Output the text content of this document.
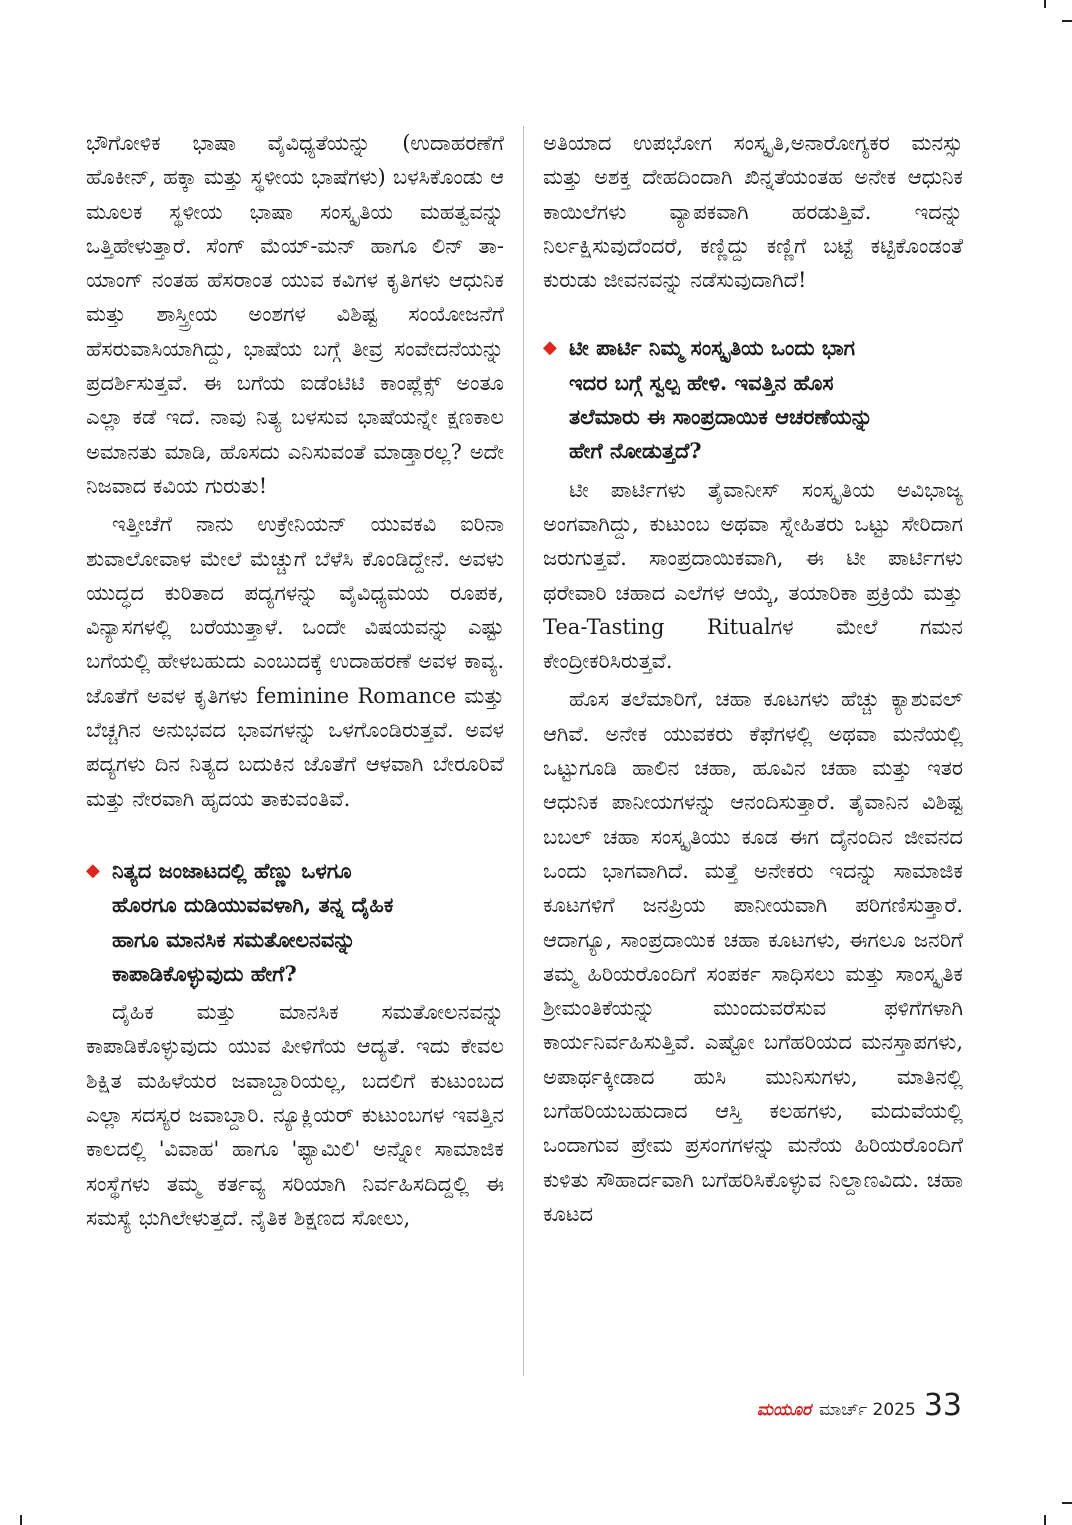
ಭೌಗೋಳಿಕ ಭಾಷಾ ವೈವಿಧ್ಯತೆಯನ್ನು (ಉದಾಹರಣೆಗೆ ಹೊಕೀನ್, ಹಕ್ಕಾ ಮತ್ತು ಸ್ಥಳೀಯ ಭಾಷೆಗಳು) ಬಳಸಿಕೊಂಡು ಆ ಮೂಲಕ ಸ್ಥಳೀಯ ಭಾಷಾ ಸಂಸ್ಕೃತಿಯ ಮಹತ್ವವನ್ನು ಒತ್ತಿಹೇಳುತ್ತಾರೆ. ಸೆಂಗ್ ಮೆಯ್-ಮನ್ ಹಾಗೂ ಲಿನ್ ತಾ-ಯಾಂಗ್ ನಂತಹ ಹೆಸರಾಂತ ಯುವ ಕವಿಗಳ ಕೃತಿಗಳು ಆಧುನಿಕ ಮತ್ತು ಶಾಸ್ತ್ರೀಯ ಅಂಶಗಳ ವಿಶಿಷ್ಟ ಸಂಯೋಜನೆಗೆ ಹೆಸರುವಾಸಿಯಾಗಿದ್ದು, ಭಾಷೆಯ ಬಗ್ಗೆ ತೀವ್ರ ಸಂವೇದನೆಯನ್ನು ಪ್ರದರ್ಶಿಸುತ್ತವೆ. ಈ ಬಗೆಯ ಐಡೆಂಟಿಟಿ ಕಾಂಪ್ಲೆಕ್ಸ್ ಅಂತೂ ಎಲ್ಲಾ ಕಡೆ ಇದೆ. ನಾವು ನಿತ್ಯ ಬಳಸುವ ಭಾಷೆಯನ್ನೇ ಕ್ಷಣಕಾಲ ಅಮಾನತು ಮಾಡಿ, ಹೊಸದು ಎನಿಸುವಂತೆ ಮಾಡ್ತಾರಲ್ಲ? ಅದೇ ನಿಜವಾದ ಕವಿಯ ಗುರುತು!

ಇತ್ತೀಚೆಗೆ ನಾನು ಉಕ್ರೇನಿಯನ್ ಯುವಕವಿ ಐರಿನಾ ಶುವಾಲೋವಾಳ ಮೇಲೆ ಮೆಚ್ಚುಗೆ ಬೆಳೆಸಿ ಕೊಂಡಿದ್ದೇನೆ. ಅವಳು ಯುದ್ಧದ ಕುರಿತಾದ ಪದ್ಯಗಳನ್ನು ವೈವಿಧ್ಯಮಯ ರೂಪಕ, ವಿನ್ಯಾಸಗಳಲ್ಲಿ ಬರೆಯುತ್ತಾಳೆ. ಒಂದೇ ವಿಷಯವನ್ನು ಎಷ್ಟು ಬಗೆಯಲ್ಲಿ ಹೇಳಬಹುದು ಎಂಬುದಕ್ಕೆ ಉದಾಹರಣೆ ಅವಳ ಕಾವ್ಯ. ಜೊತೆಗೆ ಅವಳ ಕೃತಿಗಳು feminine Romance ಮತ್ತು ಬೆಚ್ಚಗಿನ ಅನುಭವದ ಭಾವಗಳನ್ನು ಒಳಗೊಂಡಿರುತ್ತವೆ. ಅವಳ ಪದ್ಯಗಳು ದಿನ ನಿತ್ಯದ ಬದುಕಿನ ಜೊತೆಗೆ ಆಳವಾಗಿ ಬೇರೂರಿವೆ ಮತ್ತು ನೇರವಾಗಿ ಹೃದಯ ತಾಕುವಂತಿವೆ.

◆ ನಿತ್ಯದ ಜಂಜಾಟದಲ್ಲಿ ಹೆಣ್ಣು ಒಳಗೂ
ಹೊರಗೂ ದುಡಿಯುವವಳಾಗಿ, ತನ್ನ ದೈಹಿಕ
ಹಾಗೂ ಮಾನಸಿಕ ಸಮತೋಲನವನ್ನು
ಕಾಪಾಡಿಕೊಳ್ಳುವುದು ಹೇಗೆ?

ದೈಹಿಕ ಮತ್ತು ಮಾನಸಿಕ ಸಮತೋಲನವನ್ನು ಕಾಪಾಡಿಕೊಳ್ಳುವುದು ಯುವ ಪೀಳಿಗೆಯ ಆದ್ಯತೆ. ಇದು ಕೇವಲ ಶಿಕ್ಷಿತ ಮಹಿಳೆಯರ ಜವಾಬ್ದಾರಿಯಲ್ಲ, ಬದಲಿಗೆ ಕುಟುಂಬದ ಎಲ್ಲಾ ಸದಸ್ಯರ ಜವಾಬ್ದಾರಿ. ನ್ಯೂಕ್ಲಿಯರ್ ಕುಟುಂಬಗಳ ಇವತ್ತಿನ ಕಾಲದಲ್ಲಿ 'ವಿವಾಹ' ಹಾಗೂ 'ಫ್ಯಾಮಿಲಿ' ಅನ್ನೋ ಸಾಮಾಜಿಕ ಸಂಸ್ಥೆಗಳು ತಮ್ಮ ಕರ್ತವ್ಯ ಸರಿಯಾಗಿ ನಿರ್ವಹಿಸದಿದ್ದಲ್ಲಿ ಈ ಸಮಸ್ಯೆ ಭುಗಿಲೇಳುತ್ತದೆ. ನೈತಿಕ ಶಿಕ್ಷಣದ ಸೋಲು,

ಅತಿಯಾದ ಉಪಭೋಗ ಸಂಸ್ಕೃತಿ,ಅನಾರೋಗ್ಯಕರ ಮನಸ್ಸು ಮತ್ತು ಅಶಕ್ತ ದೇಹದಿಂದಾಗಿ ಖಿನ್ನತೆಯಂತಹ ಅನೇಕ ಆಧುನಿಕ ಕಾಯಿಲೆಗಳು ವ್ಯಾಪಕವಾಗಿ ಹರಡುತ್ತಿವೆ. ಇದನ್ನು ನಿರ್ಲಕ್ಷಿಸುವುದೆಂದರೆ, ಕಣ್ಣಿದ್ದು ಕಣ್ಣಿಗೆ ಬಟ್ಟೆ ಕಟ್ಟಿಕೊಂಡಂತೆ ಕುರುಡು ಜೀವನವನ್ನು ನಡೆಸುವುದಾಗಿದೆ!

◆ ಟೀ ಪಾರ್ಟಿ ನಿಮ್ಮ ಸಂಸ್ಕೃತಿಯ ಒಂದು ಭಾಗ
ಇದರ ಬಗ್ಗೆ ಸ್ವಲ್ಪ ಹೇಳಿ. ಇವತ್ತಿನ ಹೊಸ
ತಲೆಮಾರು ಈ ಸಾಂಪ್ರದಾಯಿಕ ಆಚರಣೆಯನ್ನು
ಹೇಗೆ ನೋಡುತ್ತದೆ?

ಟೀ ಪಾರ್ಟಿಗಳು ತೈವಾನೀಸ್ ಸಂಸ್ಕೃತಿಯ ಅವಿಭಾಜ್ಯ ಅಂಗವಾಗಿದ್ದು, ಕುಟುಂಬ ಅಥವಾ ಸ್ನೇಹಿತರು ಒಟ್ಟು ಸೇರಿದಾಗ ಜರುಗುತ್ತವೆ. ಸಾಂಪ್ರದಾಯಿಕವಾಗಿ, ಈ ಟೀ ಪಾರ್ಟಿಗಳು ಥರೇವಾರಿ ಚಹಾದ ಎಲೆಗಳ ಆಯ್ಕೆ, ತಯಾರಿಕಾ ಪ್ರಕ್ರಿಯೆ ಮತ್ತು Tea-Tasting Ritualಗಳ ಮೇಲೆ ಗಮನ ಕೇಂದ್ರೀಕರಿಸಿರುತ್ತವೆ.

ಹೊಸ ತಲೆಮಾರಿಗೆ, ಚಹಾ ಕೂಟಗಳು ಹೆಚ್ಚು ಕ್ಯಾಶುವಲ್ ಆಗಿವೆ. ಅನೇಕ ಯುವಕರು ಕೆಫೆಗಳಲ್ಲಿ ಅಥವಾ ಮನೆಯಲ್ಲಿ ಒಟ್ಟುಗೂಡಿ ಹಾಲಿನ ಚಹಾ, ಹೂವಿನ ಚಹಾ ಮತ್ತು ಇತರ ಆಧುನಿಕ ಪಾನೀಯಗಳನ್ನು ಆನಂದಿಸುತ್ತಾರೆ. ತೈವಾನಿನ ವಿಶಿಷ್ಟ ಬಬಲ್ ಚಹಾ ಸಂಸ್ಕೃತಿಯು ಕೂಡ ಈಗ ದೈನಂದಿನ ಜೀವನದ ಒಂದು ಭಾಗವಾಗಿದೆ. ಮತ್ತೆ ಅನೇಕರು ಇದನ್ನು ಸಾಮಾಜಿಕ ಕೂಟಗಳಿಗೆ ಜನಪ್ರಿಯ ಪಾನೀಯವಾಗಿ ಪರಿಗಣಿಸುತ್ತಾರೆ. ಆದಾಗ್ಯೂ, ಸಾಂಪ್ರದಾಯಿಕ ಚಹಾ ಕೂಟಗಳು, ಈಗಲೂ ಜನರಿಗೆ ತಮ್ಮ ಹಿರಿಯರೊಂದಿಗೆ ಸಂಪರ್ಕ ಸಾಧಿಸಲು ಮತ್ತು ಸಾಂಸ್ಕೃತಿಕ ಶ್ರೀಮಂತಿಕೆಯನ್ನು ಮುಂದುವರೆಸುವ ಫಳಿಗೆಗಳಾಗಿ ಕಾರ್ಯನಿರ್ವಹಿಸುತ್ತಿವೆ. ಎಷ್ಟೋ ಬಗೆಹರಿಯದ ಮನಸ್ತಾಪಗಳು, ಅಪಾರ್ಥಕ್ಕೀಡಾದ ಹುಸಿ ಮುನಿಸುಗಳು, ಮಾತಿನಲ್ಲಿ ಬಗೆಹರಿಯಬಹುದಾದ ಆಸ್ತಿ ಕಲಹಗಳು, ಮದುವೆಯಲ್ಲಿ ಒಂದಾಗುವ ಪ್ರೇಮ ಪ್ರಸಂಗಗಳನ್ನು ಮನೆಯ ಹಿರಿಯರೊಂದಿಗೆ ಕುಳಿತು ಸೌಹಾರ್ದವಾಗಿ ಬಗೆಹರಿಸಿಕೊಳ್ಳುವ ನಿಲ್ದಾಣವಿದು. ಚಹಾ ಕೂಟದ

ಮಯೂರ ಮಾರ್ಚ್ 2025 33
